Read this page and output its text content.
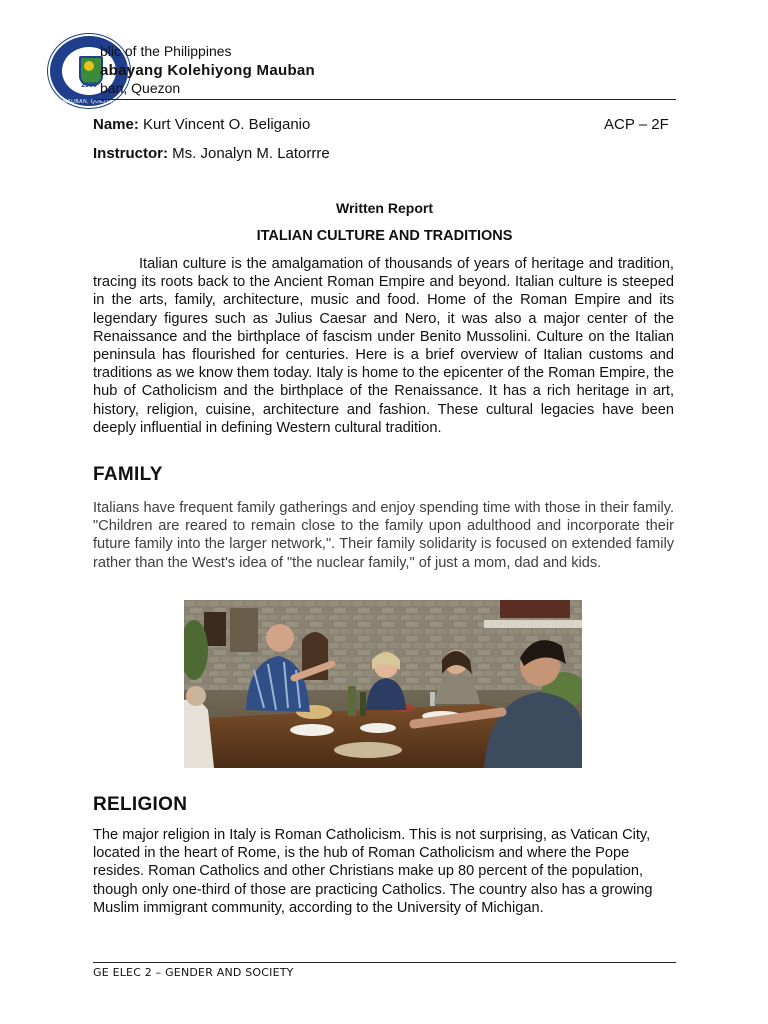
2005
MAUBAN, QUEZON
blic of the Philippines
abayang Kolehiyong Mauban
ban, Quezon
Name: Kurt Vincent O. Beliganio	ACP – 2F
Instructor: Ms. Jonalyn M. Latorrre
Written Report
ITALIAN CULTURE AND TRADITIONS

Italian culture is the amalgamation of thousands of years of heritage and tradition, tracing its roots back to the Ancient Roman Empire and beyond. Italian culture is steeped in the arts, family, architecture, music and food. Home of the Roman Empire and its legendary figures such as Julius Caesar and Nero, it was also a major center of the Renaissance and the birthplace of fascism under Benito Mussolini. Culture on the Italian peninsula has flourished for centuries. Here is a brief overview of Italian customs and traditions as we know them today. Italy is home to the epicenter of the Roman Empire, the hub of Catholicism and the birthplace of the Renaissance. It has a rich heritage in art, history, religion, cuisine, architecture and fashion. These cultural legacies have been deeply influential in defining Western cultural tradition.

FAMILY

Italians have frequent family gatherings and enjoy spending time with those in their family. "Children are reared to remain close to the family upon adulthood and incorporate their future family into the larger network,". Their family solidarity is focused on extended family rather than the West's idea of "the nuclear family," of just a mom, dad and kids.

RELIGION

The major religion in Italy is Roman Catholicism. This is not surprising, as Vatican City, located in the heart of Rome, is the hub of Roman Catholicism and where the Pope resides. Roman Catholics and other Christians make up 80 percent of the population, though only one-third of those are practicing Catholics. The country also has a growing Muslim immigrant community, according to the University of Michigan.

GE ELEC 2 – GENDER AND SOCIETY
